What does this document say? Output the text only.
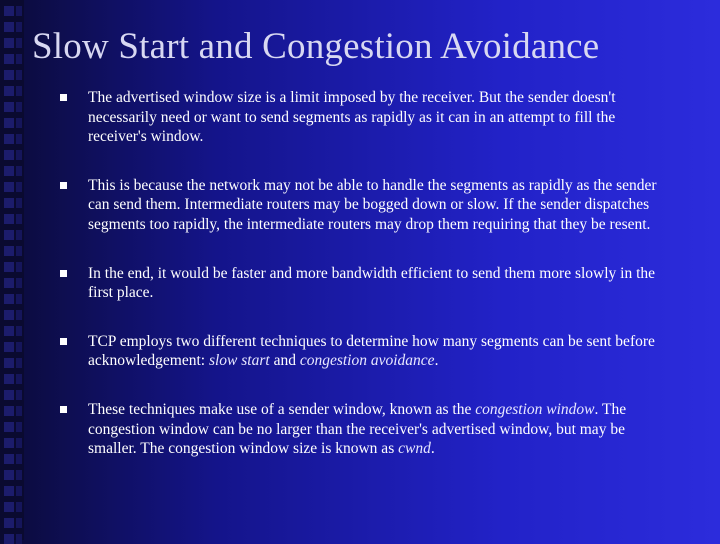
Slow Start and Congestion Avoidance
The advertised window size is a limit imposed by the receiver. But the sender doesn't necessarily need or want to send segments as rapidly as it can in an attempt to fill the receiver's window.
This is because the network may not be able to handle the segments as rapidly as the sender can send them. Intermediate routers may be bogged down or slow. If the sender dispatches segments too rapidly, the intermediate routers may drop them requiring that they be resent.
In the end, it would be faster and more bandwidth efficient to send them more slowly in the first place.
TCP employs two different techniques to determine how many segments can be sent before acknowledgement: slow start and congestion avoidance.
These techniques make use of a sender window, known as the congestion window. The congestion window can be no larger than the receiver's advertised window, but may be smaller. The congestion window size is known as cwnd.
